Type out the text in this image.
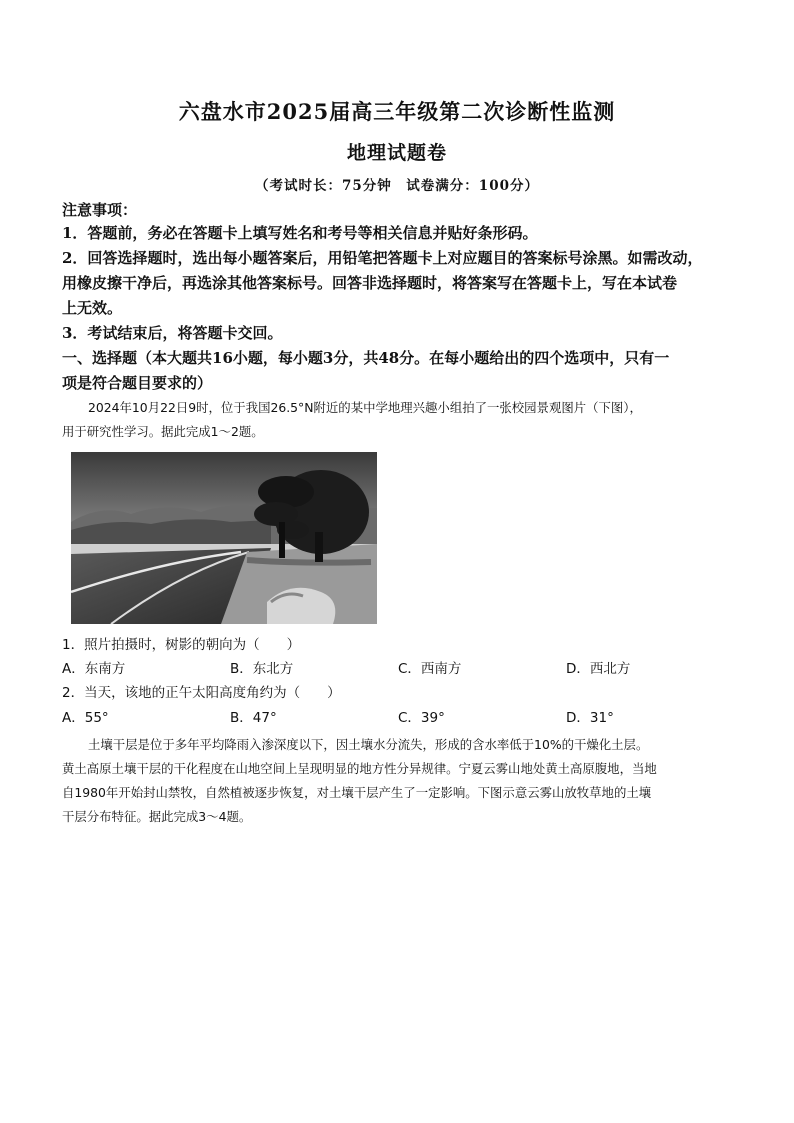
六盘水市2025届高三年级第二次诊断性监测
地理试题卷
（考试时长：75分钟　试卷满分：100分）
注意事项：
1．答题前，务必在答题卡上填写姓名和考号等相关信息并贴好条形码。
2．回答选择题时，选出每小题答案后，用铅笔把答题卡上对应题目的答案标号涂黑。如需改动，
用橡皮擦干净后，再选涂其他答案标号。回答非选择题时，将答案写在答题卡上，写在本试卷
上无效。
3．考试结束后，将答题卡交回。
一、选择题（本大题共16小题，每小题3分，共48分。在每小题给出的四个选项中，只有一
项是符合题目要求的）
2024年10月22日9时，位于我国26.5°N附近的某中学地理兴趣小组拍了一张校园景观图片（下图），
用于研究性学习。据此完成1～2题。
1．照片拍摄时，树影的朝向为（　　）
A．东南方	B．东北方	C．西南方	D．西北方
2．当天，该地的正午太阳高度角约为（　　）
A．55°	B．47°	C．39°	D．31°
土壤干层是位于多年平均降雨入渗深度以下，因土壤水分流失，形成的含水率低于10%的干燥化土层。
黄土高原土壤干层的干化程度在山地空间上呈现明显的地方性分异规律。宁夏云雾山地处黄土高原腹地，当地
自1980年开始封山禁牧，自然植被逐步恢复，对土壤干层产生了一定影响。下图示意云雾山放牧草地的土壤
干层分布特征。据此完成3～4题。
